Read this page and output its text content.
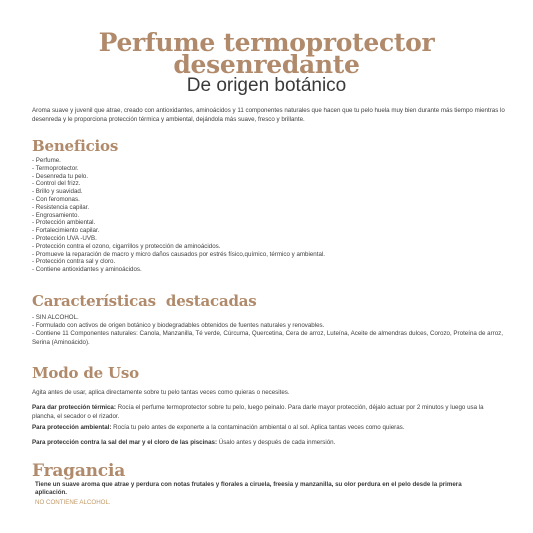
Perfume termoprotector
desenredante
De origen botánico
Aroma suave y juvenil que atrae, creado con antioxidantes, aminoácidos y 11 componentes naturales que hacen que tu pelo huela muy bien durante más tiempo mientras lo desenreda y le proporciona protección térmica y ambiental, dejándola más suave, fresco y brillante.
Beneficios
- Perfume.
- Termoprotector.
- Desenreda tu pelo.
- Control del frizz.
- Brillo y suavidad.
- Con feromonas.
- Resistencia capilar.
- Engrosamiento.
- Protección ambiental.
- Fortalecimiento capilar.
- Protección UVA -UVB.
- Protección contra el ozono, cigarrillos y protección de aminoácidos.
- Promueve la reparación de macro y micro daños causados por estrés físico,químico, térmico y ambiental.
- Protección contra sal y cloro.
- Contiene antioxidantes y aminoácidos.
Características  destacadas
- SIN ALCOHOL.
- Formulado con activos de origen botánico y biodegradables obtenidos de fuentes naturales y renovables.
- Contiene 11 Componentes naturales: Canola, Manzanilla, Té verde, Cúrcuma, Quercetina, Cera de arroz, Luteína, Aceite de almendras dulces, Corozo, Proteína de arroz, Serina (Aminoácido).
Modo de Uso
Agita antes de usar, aplica directamente sobre tu pelo tantas veces como quieras o necesites.
Para dar protección térmica: Rocía el perfume termoprotector sobre tu pelo, luego peinalo. Para darle mayor protección, déjalo actuar por 2 minutos y luego usa la plancha, el secador o el rizador.
Para protección ambiental: Rocía tu pelo antes de exponerte a la contaminación ambiental o al sol. Aplica tantas veces como quieras.
Para protección contra la sal del mar y el cloro de las piscinas: Úsalo antes y después de cada inmersión.
Fragancia
Tiene un suave aroma que atrae y perdura con notas frutales y florales a ciruela, freesia y manzanilla, su olor perdura en el pelo desde la primera aplicación.
NO CONTIENE ALCOHOL.
